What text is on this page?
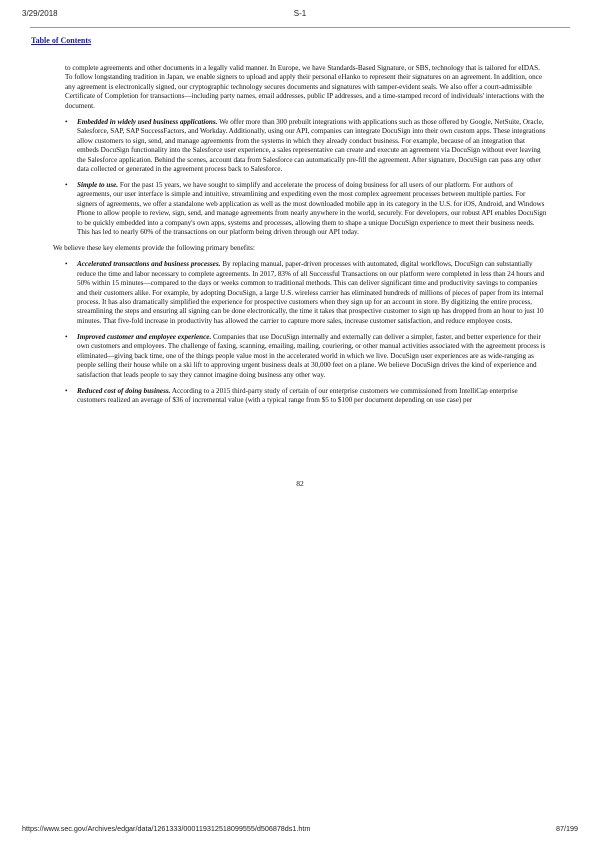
3/29/2018	S-1
Table of Contents

to complete agreements and other documents in a legally valid manner. In Europe, we have Standards-Based Signature, or SBS, technology that is tailored for eIDAS. To follow longstanding tradition in Japan, we enable signers to upload and apply their personal eHanko to represent their signatures on an agreement. In addition, once any agreement is electronically signed, our cryptographic technology secures documents and signatures with tamper-evident seals. We also offer a court-admissible Certificate of Completion for transactions—including party names, email addresses, public IP addresses, and a time-stamped record of individuals' interactions with the document.

• Embedded in widely used business applications. We offer more than 300 prebuilt integrations with applications such as those offered by Google, NetSuite, Oracle, Salesforce, SAP, SAP SuccessFactors, and Workday. Additionally, using our API, companies can integrate DocuSign into their own custom apps. These integrations allow customers to sign, send, and manage agreements from the systems in which they already conduct business. For example, because of an integration that embeds DocuSign functionality into the Salesforce user experience, a sales representative can create and execute an agreement via DocuSign without ever leaving the Salesforce application. Behind the scenes, account data from Salesforce can automatically pre-fill the agreement. After signature, DocuSign can pass any other data collected or generated in the agreement process back to Salesforce.
• Simple to use. For the past 15 years, we have sought to simplify and accelerate the process of doing business for all users of our platform. For authors of agreements, our user interface is simple and intuitive, streamlining and expediting even the most complex agreement processes between multiple parties. For signers of agreements, we offer a standalone web application as well as the most downloaded mobile app in its category in the U.S. for iOS, Android, and Windows Phone to allow people to review, sign, send, and manage agreements from nearly anywhere in the world, securely. For developers, our robust API enables DocuSign to be quickly embedded into a company's own apps, systems and processes, allowing them to shape a unique DocuSign experience to meet their business needs. This has led to nearly 60% of the transactions on our platform being driven through our API today.

We believe these key elements provide the following primary benefits:

• Accelerated transactions and business processes. By replacing manual, paper-driven processes with automated, digital workflows, DocuSign can substantially reduce the time and labor necessary to complete agreements. In 2017, 83% of all Successful Transactions on our platform were completed in less than 24 hours and 50% within 15 minutes—compared to the days or weeks common to traditional methods. This can deliver significant time and productivity savings to companies and their customers alike. For example, by adopting DocuSign, a large U.S. wireless carrier has eliminated hundreds of millions of pieces of paper from its internal process. It has also dramatically simplified the experience for prospective customers when they sign up for an account in store. By digitizing the entire process, streamlining the steps and ensuring all signing can be done electronically, the time it takes that prospective customer to sign up has dropped from an hour to just 10 minutes. That five-fold increase in productivity has allowed the carrier to capture more sales, increase customer satisfaction, and reduce employee costs.
• Improved customer and employee experience. Companies that use DocuSign internally and externally can deliver a simpler, faster, and better experience for their own customers and employees. The challenge of faxing, scanning, emailing, mailing, couriering, or other manual activities associated with the agreement process is eliminated—giving back time, one of the things people value most in the accelerated world in which we live. DocuSign user experiences are as wide-ranging as people selling their house while on a ski lift to approving urgent business deals at 30,000 feet on a plane. We believe DocuSign drives the kind of experience and satisfaction that leads people to say they cannot imagine doing business any other way.
• Reduced cost of doing business. According to a 2015 third-party study of certain of our enterprise customers we commissioned from IntelliCap enterprise customers realized an average of $36 of incremental value (with a typical range from $5 to $100 per document depending on use case) per
82
https://www.sec.gov/Archives/edgar/data/1261333/000119312518099555/d506878ds1.htm	87/199
